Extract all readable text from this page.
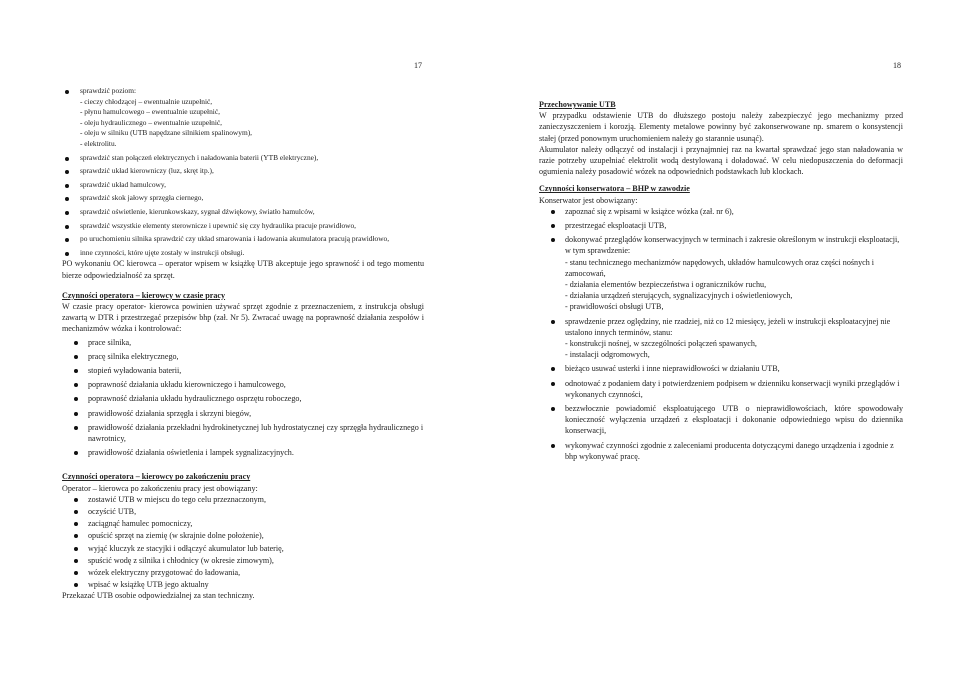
17	18
sprawdzić poziom:
- cieczy chłodzącej – ewentualnie uzupełnić,
- płynu hamulcowego – ewentualnie uzupełnić,
- oleju hydraulicznego – ewentualnie uzupełnić,
- oleju w silniku (UTB napędzane silnikiem spalinowym),
- elektrolitu.
sprawdzić stan połączeń elektrycznych i naładowania baterii (YTB elektryczne),
sprawdzić układ kierowniczy (luz, skręt itp.),
sprawdzić układ hamulcowy,
sprawdzić skok jałowy sprzęgła ciernego,
sprawdzić oświetlenie, kierunkowskazy, sygnał dźwiękowy, światło hamulców,
sprawdzić wszystkie elementy sterownicze i upewnić się czy hydraulika pracuje prawidłowo,
po uruchomieniu silnika sprawdzić czy układ smarowania i ładowania akumulatora pracują prawidłowo,
inne czynności, które ujęte zostały w instrukcji obsługi.

PO wykonaniu OC kierowca – operator wpisem w książkę UTB akceptuje jego sprawność i od tego momentu bierze odpowiedzialność za sprzęt.

Czynności operatora – kierowcy w czasie pracy

W czasie pracy operator- kierowca powinien używać sprzęt zgodnie z przeznaczeniem, z instrukcja obsługi zawartą w DTR i przestrzegać przepisów bhp (zał. Nr 5). Zwracać uwagę na poprawność działania zespołów i mechanizmów wózka i kontrolować:

prace silnika,
pracę silnika elektrycznego,
stopień wyładowania baterii,
poprawność działania układu kierowniczego i hamulcowego,
poprawność działania układu hydraulicznego osprzętu roboczego,
prawidłowość działania sprzęgła i skrzyni biegów,
prawidłowość działania przekładni hydrokinetycznej lub hydrostatycznej czy sprzęgła hydraulicznego i nawrotnicy,
prawidłowość działania oświetlenia i lampek sygnalizacyjnych.

Czynności operatora – kierowcy po zakończeniu pracy

Operator – kierowca po zakończeniu pracy jest obowiązany:

zostawić UTB w miejscu do tego celu przeznaczonym,
oczyścić UTB,
zaciągnąć hamulec pomocniczy,
opuścić sprzęt na ziemię (w skrajnie dolne położenie),
wyjąć kluczyk ze stacyjki i odłączyć akumulator lub baterię,
spuścić wodę z silnika i chłodnicy (w okresie zimowym),
wózek elektryczny przygotować do ładowania,
wpisać w książkę UTB jego aktualny

Przekazać UTB osobie odpowiedzialnej za stan techniczny.

Przechowywanie UTB

W przypadku odstawienie UTB do dłuższego postoju należy zabezpieczyć jego mechanizmy przed zanieczyszczeniem i korozją. Elementy metalowe powinny być zakonserwowane np. smarem o konsystencji stałej (przed ponownym uruchomieniem należy go starannie usunąć).

Akumulator należy odłączyć od instalacji i przynajmniej raz na kwartał sprawdzać jego stan naładowania w razie potrzeby uzupełniać elektrolit wodą destylowaną i doładować. W celu niedopuszczenia do deformacji ogumienia należy posadowić wózek na odpowiednich podstawkach lub klockach.

Czynności konserwatora – BHP w zawodzie

Konserwator jest obowiązany:

zapoznać się z wpisami w książce wózka (zał. nr 6),
przestrzegać eksploatacji UTB,
dokonywać przeglądów konserwacyjnych w terminach i zakresie określonym w instrukcji eksploatacji, w tym sprawdzenie:
- stanu technicznego mechanizmów napędowych, układów hamulcowych oraz części nośnych i zamocowań,
- działania elementów bezpieczeństwa i ograniczników ruchu,
- działania urządzeń sterujących, sygnalizacyjnych i oświetleniowych,
- prawidłowości obsługi UTB,
sprawdzenie przez oględziny, nie rzadziej, niż co 12 miesięcy, jeżeli w instrukcji eksploatacyjnej nie ustalono innych terminów, stanu:
- konstrukcji nośnej, w szczególności połączeń spawanych,
- instalacji odgromowych,
bieżąco usuwać usterki i inne nieprawidłowości w działaniu UTB,
odnotować z podaniem daty i potwierdzeniem podpisem w dzienniku konserwacji wyniki przeglądów i wykonanych czynności,
bezzwłocznie powiadomić eksploatującego UTB o nieprawidłowościach, które spowodowały konieczność wyłączenia urządzeń z eksploatacji i dokonanie odpowiedniego wpisu do dziennika konserwacji,
wykonywać czynności zgodnie z zaleceniami producenta dotyczącymi danego urządzenia i zgodnie z bhp wykonywać pracę.
